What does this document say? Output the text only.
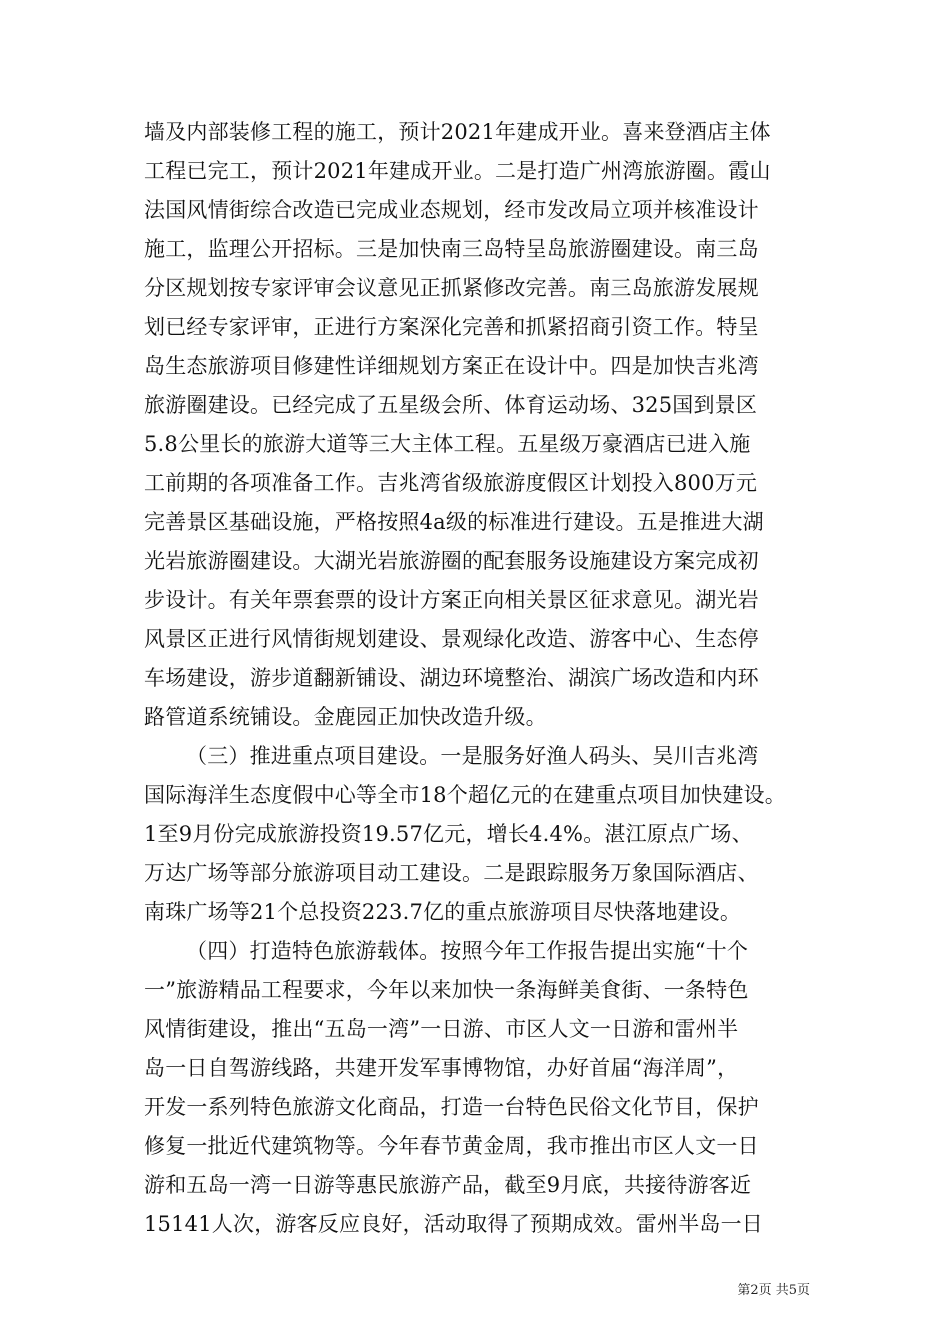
墙及内部装修工程的施工，预计2021年建成开业。喜来登酒店主体
工程已完工，预计2021年建成开业。二是打造广州湾旅游圈。霞山
法国风情街综合改造已完成业态规划，经市发改局立项并核准设计
施工，监理公开招标。三是加快南三岛特呈岛旅游圈建设。南三岛
分区规划按专家评审会议意见正抓紧修改完善。南三岛旅游发展规
划已经专家评审，正进行方案深化完善和抓紧招商引资工作。特呈
岛生态旅游项目修建性详细规划方案正在设计中。四是加快吉兆湾
旅游圈建设。已经完成了五星级会所、体育运动场、325国到景区
5.8公里长的旅游大道等三大主体工程。五星级万豪酒店已进入施
工前期的各项准备工作。吉兆湾省级旅游度假区计划投入800万元
完善景区基础设施，严格按照4a级的标准进行建设。五是推进大湖
光岩旅游圈建设。大湖光岩旅游圈的配套服务设施建设方案完成初
步设计。有关年票套票的设计方案正向相关景区征求意见。湖光岩
风景区正进行风情街规划建设、景观绿化改造、游客中心、生态停
车场建设，游步道翻新铺设、湖边环境整治、湖滨广场改造和内环
路管道系统铺设。金鹿园正加快改造升级。
（三）推进重点项目建设。一是服务好渔人码头、吴川吉兆湾
国际海洋生态度假中心等全市18个超亿元的在建重点项目加快建设。
1至9月份完成旅游投资19.57亿元，增长4.4%。湛江原点广场、
万达广场等部分旅游项目动工建设。二是跟踪服务万象国际酒店、
南珠广场等21个总投资223.7亿的重点旅游项目尽快落地建设。
（四）打造特色旅游载体。按照今年工作报告提出实施“十个
一”旅游精品工程要求，今年以来加快一条海鲜美食街、一条特色
风情街建设，推出“五岛一湾”一日游、市区人文一日游和雷州半
岛一日自驾游线路，共建开发军事博物馆，办好首届“海洋周”，
开发一系列特色旅游文化商品，打造一台特色民俗文化节目，保护
修复一批近代建筑物等。今年春节黄金周，我市推出市区人文一日
游和五岛一湾一日游等惠民旅游产品，截至9月底，共接待游客近
15141人次，游客反应良好，活动取得了预期成效。雷州半岛一日
第2页 共5页
